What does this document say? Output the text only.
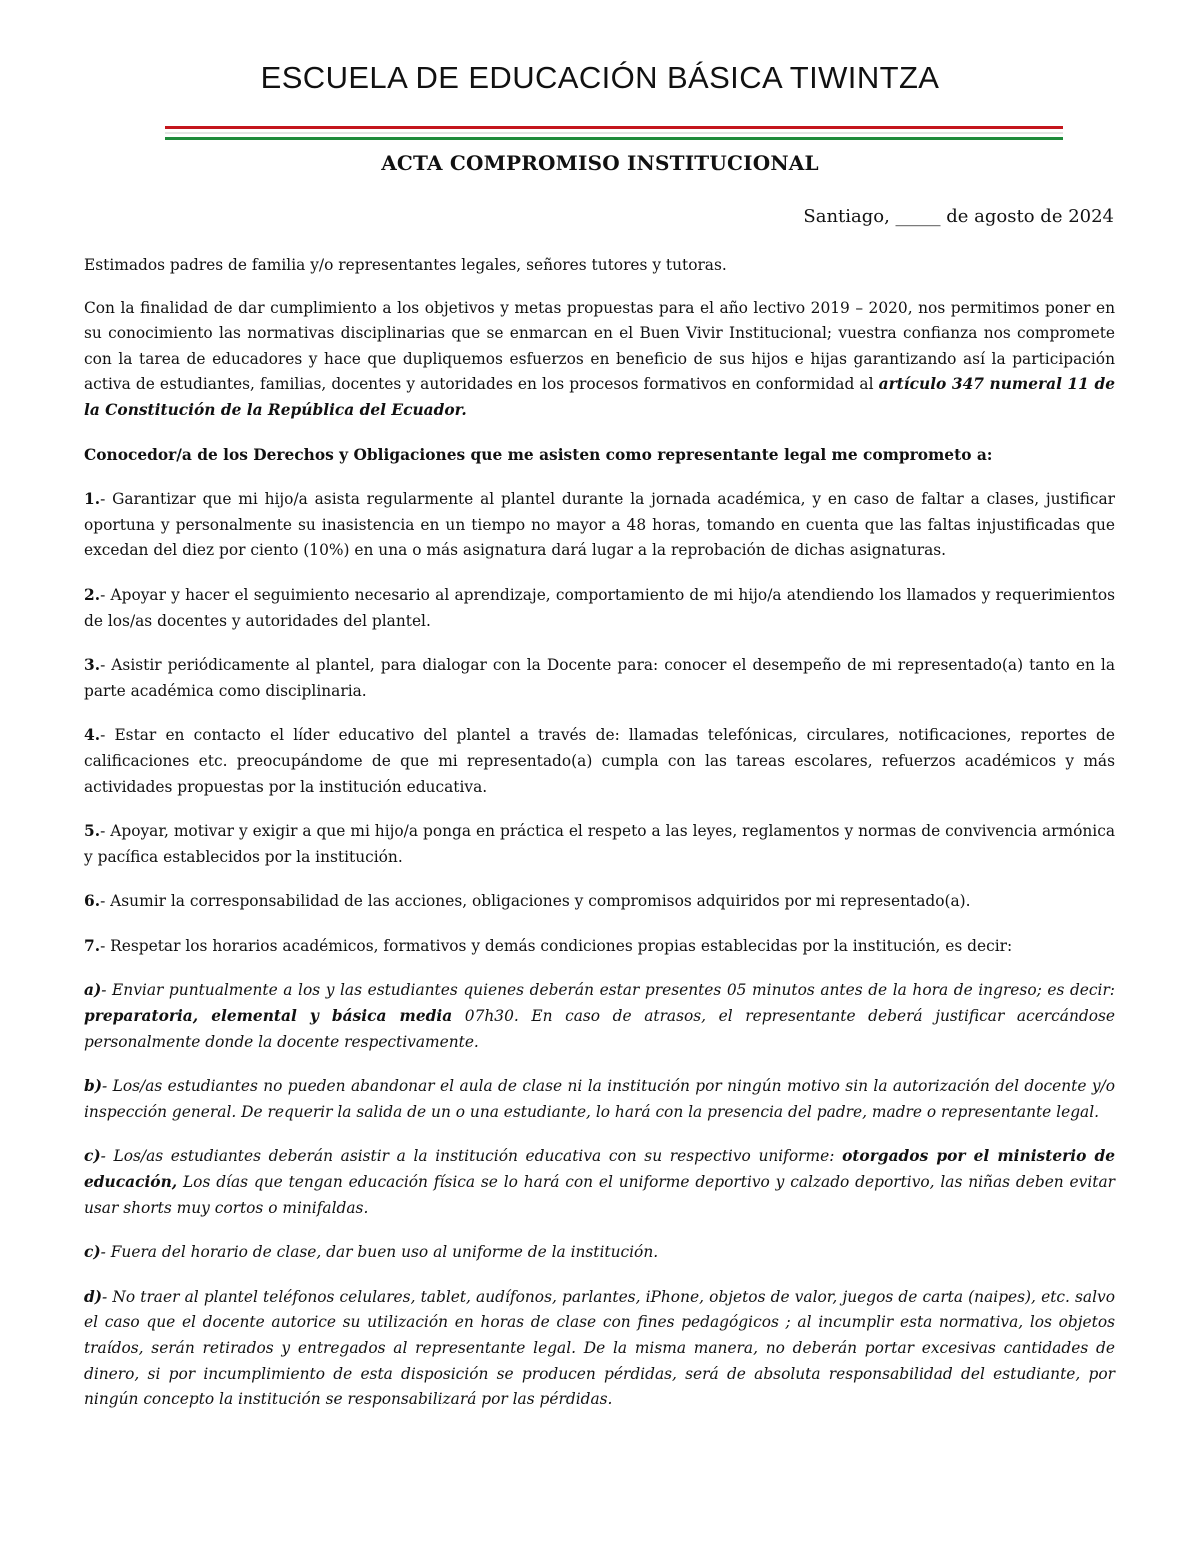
ESCUELA DE EDUCACIÓN BÁSICA TIWINTZA
ACTA COMPROMISO INSTITUCIONAL
Santiago, _____ de agosto de 2024

Estimados padres de familia y/o representantes legales, señores tutores y tutoras.

Con la finalidad de dar cumplimiento a los objetivos y metas propuestas para el año lectivo 2019 – 2020, nos permitimos poner en su conocimiento las normativas disciplinarias que se enmarcan en el Buen Vivir Institucional; vuestra confianza nos compromete con la tarea de educadores y hace que dupliquemos esfuerzos en beneficio de sus hijos e hijas garantizando así la participación activa de estudiantes, familias, docentes y autoridades en los procesos formativos en conformidad al artículo 347 numeral 11 de la Constitución de la República del Ecuador.

Conocedor/a de los Derechos y Obligaciones que me asisten como representante legal me comprometo a:

1.- Garantizar que mi hijo/a asista regularmente al plantel durante la jornada académica, y en caso de faltar a clases, justificar oportuna y personalmente su inasistencia en un tiempo no mayor a 48 horas, tomando en cuenta que las faltas injustificadas que excedan del diez por ciento (10%) en una o más asignatura dará lugar a la reprobación de dichas asignaturas.

2.- Apoyar y hacer el seguimiento necesario al aprendizaje, comportamiento de mi hijo/a atendiendo los llamados y requerimientos de los/as docentes y autoridades del plantel.

3.- Asistir periódicamente al plantel, para dialogar con la Docente para: conocer el desempeño de mi representado(a) tanto en la parte académica como disciplinaria.

4.- Estar en contacto el líder educativo del plantel a través de: llamadas telefónicas, circulares, notificaciones, reportes de calificaciones etc. preocupándome de que mi representado(a) cumpla con las tareas escolares, refuerzos académicos y más actividades propuestas por la institución educativa.

5.- Apoyar, motivar y exigir a que mi hijo/a ponga en práctica el respeto a las leyes, reglamentos y normas de convivencia armónica y pacífica establecidos por la institución.

6.- Asumir la corresponsabilidad de las acciones, obligaciones y compromisos adquiridos por mi representado(a).

7.- Respetar los horarios académicos, formativos y demás condiciones propias establecidas por la institución, es decir:

a)- Enviar puntualmente a los y las estudiantes quienes deberán estar presentes 05 minutos antes de la hora de ingreso; es decir: preparatoria, elemental y básica media 07h30. En caso de atrasos, el representante deberá justificar acercándose personalmente donde la docente respectivamente.

b)- Los/as estudiantes no pueden abandonar el aula de clase ni la institución por ningún motivo sin la autorización del docente y/o inspección general. De requerir la salida de un o una estudiante, lo hará con la presencia del padre, madre o representante legal.

c)- Los/as estudiantes deberán asistir a la institución educativa con su respectivo uniforme: otorgados por el ministerio de educación, Los días que tengan educación física se lo hará con el uniforme deportivo y calzado deportivo, las niñas deben evitar usar shorts muy cortos o minifaldas.

c)- Fuera del horario de clase, dar buen uso al uniforme de la institución.

d)- No traer al plantel teléfonos celulares, tablet, audífonos, parlantes, iPhone, objetos de valor, juegos de carta (naipes), etc. salvo el caso que el docente autorice su utilización en horas de clase con fines pedagógicos ; al incumplir esta normativa, los objetos traídos, serán retirados y entregados al representante legal. De la misma manera, no deberán portar excesivas cantidades de dinero, si por incumplimiento de esta disposición se producen pérdidas, será de absoluta responsabilidad del estudiante, por ningún concepto la institución se responsabilizará por las pérdidas.
